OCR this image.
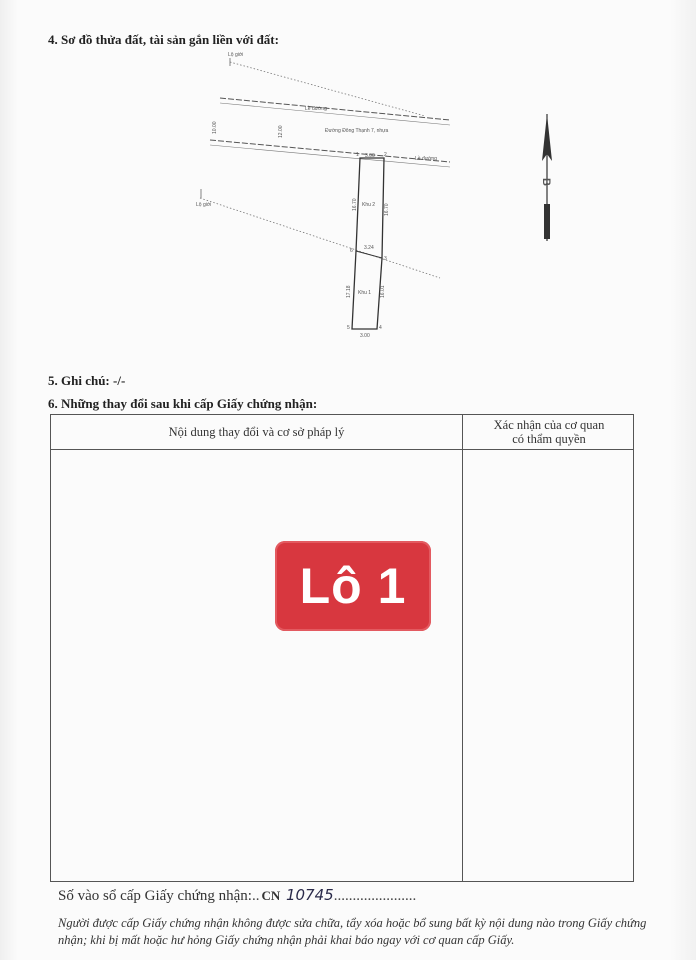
4. Sơ đồ thửa đất, tài sản gắn liền với đất:
Lộ giới
Lề đường
Đường Đông Thạnh 7, nhựa
Lề đường
10.00	12.00
Lộ giới	Khu 2
Khu 1
1	2
3
4
5
6
3.00
3.00
3.24
16.70	16.70
17.18	16.01
B
5. Ghi chú: -/-
6. Những thay đổi sau khi cấp Giấy chứng nhận:
Nội dung thay đổi và cơ sở pháp lý	Xác nhận của cơ quan
có thẩm quyền
Lô 1
Số vào sổ cấp Giấy chứng nhận:.. CN 10745......................
Người được cấp Giấy chứng nhận không được sửa chữa, tẩy xóa hoặc bổ sung bất kỳ nội dung nào trong Giấy chứng nhận; khi bị mất hoặc hư hỏng Giấy chứng nhận phải khai báo ngay với cơ quan cấp Giấy.
